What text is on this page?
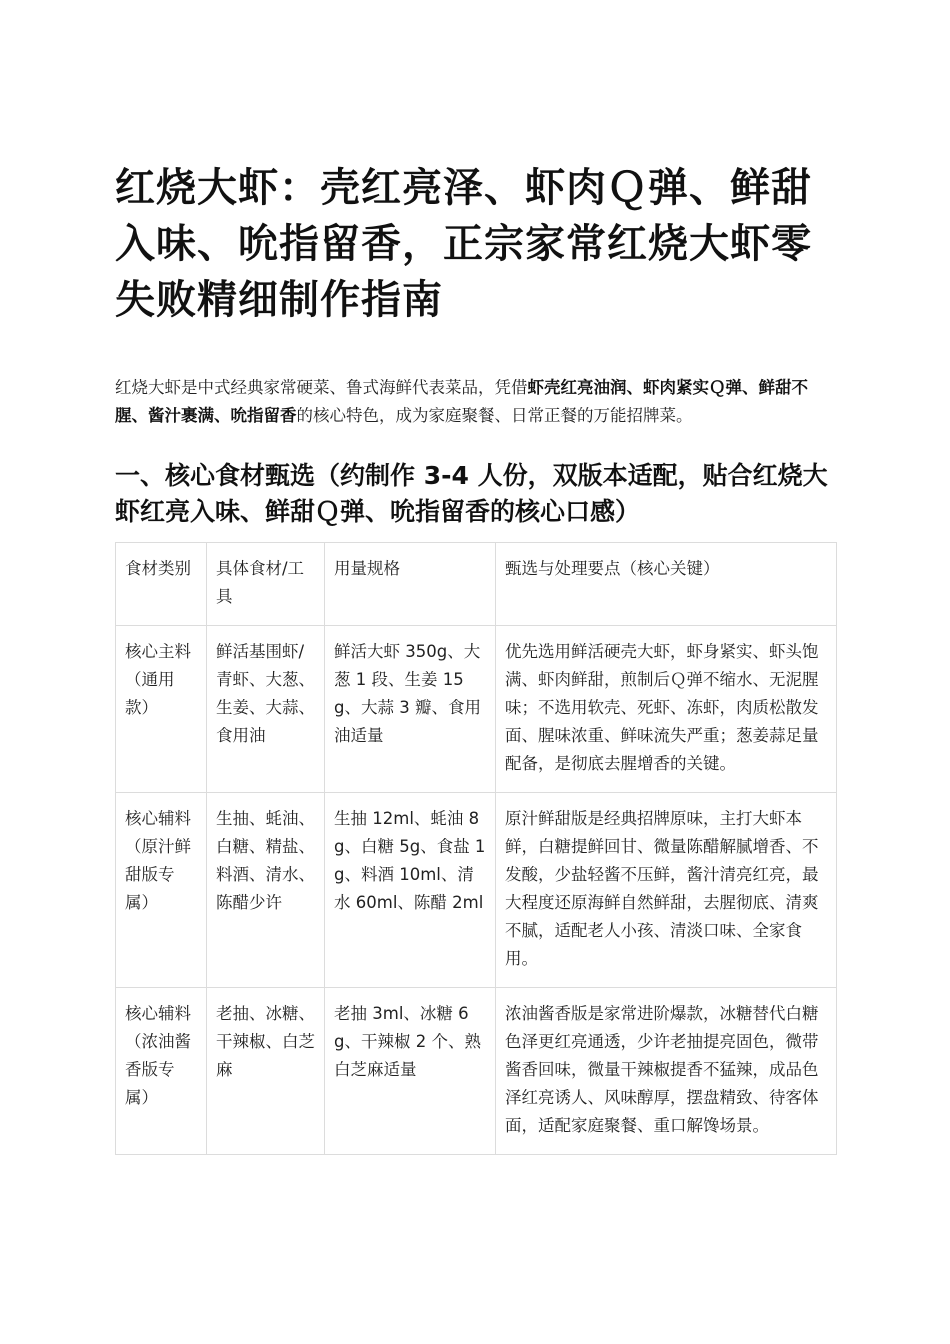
红烧大虾：壳红亮泽、虾肉Ｑ弹、鲜甜入味、吮指留香，正宗家常红烧大虾零失败精细制作指南

红烧大虾是中式经典家常硬菜、鲁式海鲜代表菜品，凭借虾壳红亮油润、虾肉紧实Ｑ弹、鲜甜不腥、酱汁裹满、吮指留香的核心特色，成为家庭聚餐、日常正餐的万能招牌菜。

一、核心食材甄选（约制作 3-4 人份，双版本适配，贴合红烧大虾红亮入味、鲜甜Ｑ弹、吮指留香的核心口感）
食材类别	具体食材/工具	用量规格	甄选与处理要点（核心关键）
核心主料（通用款）	鲜活基围虾/青虾、大葱、生姜、大蒜、食用油	鲜活大虾 350g、大葱 1 段、生姜 15g、大蒜 3 瓣、食用油适量	优先选用鲜活硬壳大虾，虾身紧实、虾头饱满、虾肉鲜甜，煎制后Ｑ弹不缩水、无泥腥味；不选用软壳、死虾、冻虾，肉质松散发面、腥味浓重、鲜味流失严重；葱姜蒜足量配备，是彻底去腥增香的关键。
核心辅料（原汁鲜甜版专属）	生抽、蚝油、白糖、精盐、料酒、清水、陈醋少许	生抽 12ml、蚝油 8g、白糖 5g、食盐 1g、料酒 10ml、清水 60ml、陈醋 2ml	原汁鲜甜版是经典招牌原味，主打大虾本鲜，白糖提鲜回甘、微量陈醋解腻增香、不发酸，少盐轻酱不压鲜，酱汁清亮红亮，最大程度还原海鲜自然鲜甜，去腥彻底、清爽不腻，适配老人小孩、清淡口味、全家食用。
核心辅料（浓油酱香版专属）	老抽、冰糖、干辣椒、白芝麻	老抽 3ml、冰糖 6g、干辣椒 2 个、熟白芝麻适量	浓油酱香版是家常进阶爆款，冰糖替代白糖色泽更红亮通透，少许老抽提亮固色，微带酱香回味，微量干辣椒提香不猛辣，成品色泽红亮诱人、风味醇厚，摆盘精致、待客体面，适配家庭聚餐、重口解馋场景。
